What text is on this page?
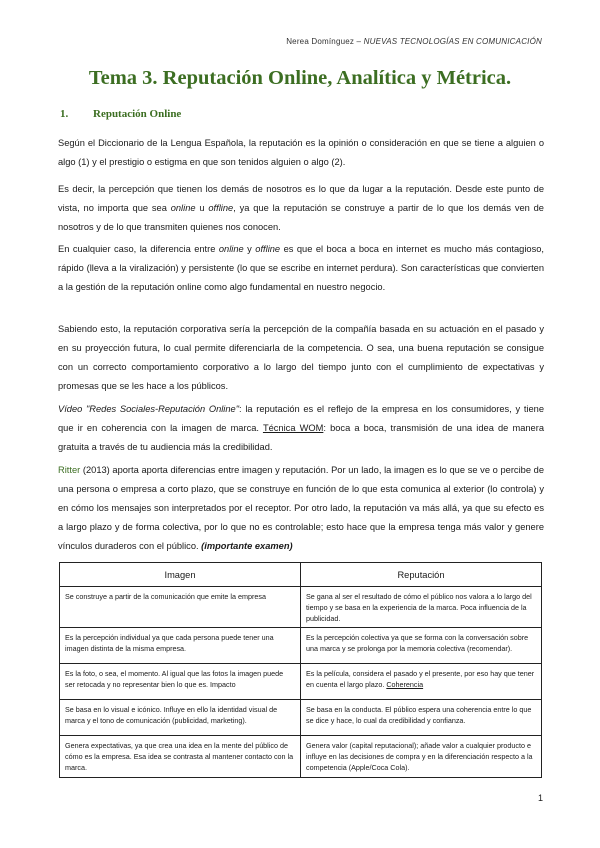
Nerea Domínguez – NUEVAS TECNOLOGÍAS EN COMUNICACIÓN
Tema 3. Reputación Online, Analítica y Métrica.
1. Reputación Online
Según el Diccionario de la Lengua Española, la reputación es la opinión o consideración en que se tiene a alguien o algo (1) y el prestigio o estigma en que son tenidos alguien o algo (2).
Es decir, la percepción que tienen los demás de nosotros es lo que da lugar a la reputación. Desde este punto de vista, no importa que sea online u offline, ya que la reputación se construye a partir de lo que los demás ven de nosotros y de lo que transmiten quienes nos conocen.
En cualquier caso, la diferencia entre online y offline es que el boca a boca en internet es mucho más contagioso, rápido (lleva a la viralización) y persistente (lo que se escribe en internet perdura). Son características que convierten a la gestión de la reputación online como algo fundamental en nuestro negocio.
Sabiendo esto, la reputación corporativa sería la percepción de la compañía basada en su actuación en el pasado y en su proyección futura, lo cual permite diferenciarla de la competencia. O sea, una buena reputación se consigue con un correcto comportamiento corporativo a lo largo del tiempo junto con el cumplimiento de expectativas y promesas que se les hace a los públicos.
Vídeo "Redes Sociales-Reputación Online": la reputación es el reflejo de la empresa en los consumidores, y tiene que ir en coherencia con la imagen de marca. Técnica WOM: boca a boca, transmisión de una idea de manera gratuita a través de tu audiencia más la credibilidad.
Ritter (2013) aporta aporta diferencias entre imagen y reputación. Por un lado, la imagen es lo que se ve o percibe de una persona o empresa a corto plazo, que se construye en función de lo que esta comunica al exterior (lo controla) y en cómo los mensajes son interpretados por el receptor. Por otro lado, la reputación va más allá, ya que su efecto es a largo plazo y de forma colectiva, por lo que no es controlable; esto hace que la empresa tenga más valor y genere vínculos duraderos con el público. (importante examen)
Imagen	Reputación
Se construye a partir de la comunicación que emite la empresa	Se gana al ser el resultado de cómo el público nos valora a lo largo del tiempo y se basa en la experiencia de la marca. Poca influencia de la publicidad.
Es la percepción individual ya que cada persona puede tener una imagen distinta de la misma empresa.	Es la percepción colectiva ya que se forma con la conversación sobre una marca y se prolonga por la memoria colectiva (recomendar).
Es la foto, o sea, el momento. Al igual que las fotos la imagen puede ser retocada y no representar bien lo que es. Impacto	Es la película, considera el pasado y el presente, por eso hay que tener en cuenta el largo plazo. Coherencia
Se basa en lo visual e icónico. Influye en ello la identidad visual de marca y el tono de comunicación (publicidad, marketing).	Se basa en la conducta. El público espera una coherencia entre lo que se dice y hace, lo cual da credibilidad y confianza.
Genera expectativas, ya que crea una idea en la mente del público de cómo es la empresa. Esa idea se contrasta al mantener contacto con la marca.	Genera valor (capital reputacional); añade valor a cualquier producto e influye en las decisiones de compra y en la diferenciación respecto a la competencia (Apple/Coca Cola).
1
